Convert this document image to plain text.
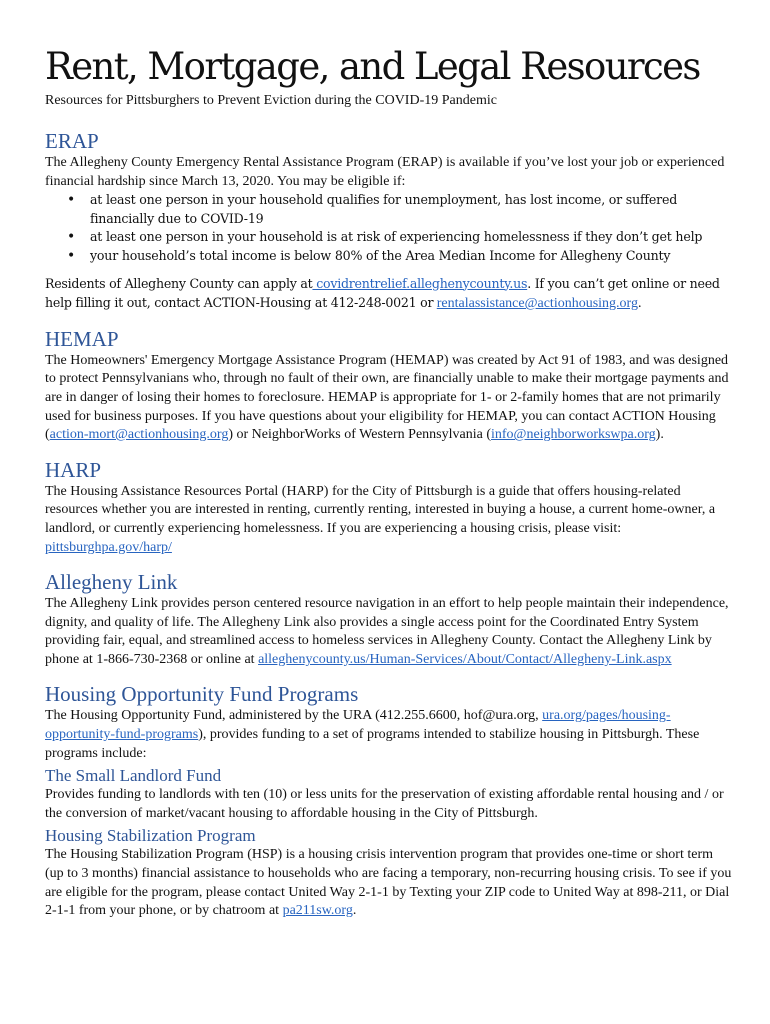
Rent, Mortgage, and Legal Resources
Resources for Pittsburghers to Prevent Eviction during the COVID-19 Pandemic
ERAP

The Allegheny County Emergency Rental Assistance Program (ERAP) is available if you’ve lost your job or experienced financial hardship since March 13, 2020. You may be eligible if:

• at least one person in your household qualifies for unemployment, has lost income, or suffered financially due to COVID-19
• at least one person in your household is at risk of experiencing homelessness if they don’t get help
• your household’s total income is below 80% of the Area Median Income for Allegheny County

Residents of Allegheny County can apply at covidrentrelief.alleghenycounty.us. If you can’t get online or need help filling it out, contact ACTION-Housing at 412-248-0021 or rentalassistance@actionhousing.org.

HEMAP

The Homeowners' Emergency Mortgage Assistance Program (HEMAP) was created by Act 91 of 1983, and was designed to protect Pennsylvanians who, through no fault of their own, are financially unable to make their mortgage payments and are in danger of losing their homes to foreclosure. HEMAP is appropriate for 1- or 2-family homes that are not primarily used for business purposes. If you have questions about your eligibility for HEMAP, you can contact ACTION Housing (action-mort@actionhousing.org) or NeighborWorks of Western Pennsylvania (info@neighborworkswpa.org).

HARP

The Housing Assistance Resources Portal (HARP) for the City of Pittsburgh is a guide that offers housing-related resources whether you are interested in renting, currently renting, interested in buying a house, a current home-owner, a landlord, or currently experiencing homelessness. If you are experiencing a housing crisis, please visit: pittsburghpa.gov/harp/

Allegheny Link

The Allegheny Link provides person centered resource navigation in an effort to help people maintain their independence, dignity, and quality of life. The Allegheny Link also provides a single access point for the Coordinated Entry System providing fair, equal, and streamlined access to homeless services in Allegheny County. Contact the Allegheny Link by phone at 1-866-730-2368 or online at alleghenycounty.us/Human-Services/About/Contact/Allegheny-Link.aspx

Housing Opportunity Fund Programs

The Housing Opportunity Fund, administered by the URA (412.255.6600, hof@ura.org, ura.org/pages/housing-opportunity-fund-programs), provides funding to a set of programs intended to stabilize housing in Pittsburgh. These programs include:

The Small Landlord Fund

Provides funding to landlords with ten (10) or less units for the preservation of existing affordable rental housing and / or the conversion of market/vacant housing to affordable housing in the City of Pittsburgh.

Housing Stabilization Program

The Housing Stabilization Program (HSP) is a housing crisis intervention program that provides one-time or short term (up to 3 months) financial assistance to households who are facing a temporary, non-recurring housing crisis. To see if you are eligible for the program, please contact United Way 2-1-1 by Texting your ZIP code to United Way at 898-211, or Dial 2-1-1 from your phone, or by chatroom at pa211sw.org.
